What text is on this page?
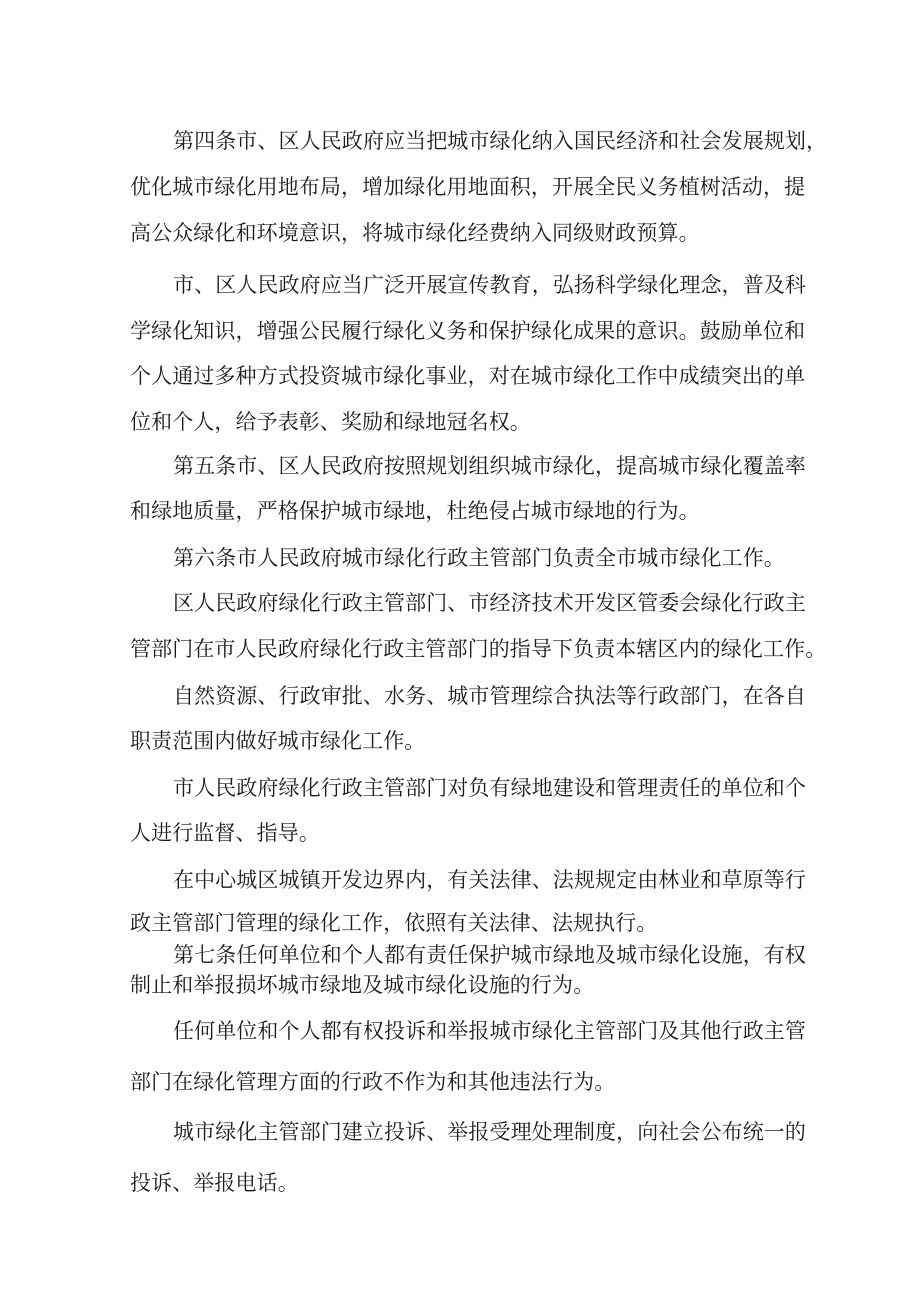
第四条市、区人民政府应当把城市绿化纳入国民经济和社会发展规划，

优化城市绿化用地布局，增加绿化用地面积，开展全民义务植树活动，提

高公众绿化和环境意识，将城市绿化经费纳入同级财政预算。

市、区人民政府应当广泛开展宣传教育，弘扬科学绿化理念，普及科

学绿化知识，增强公民履行绿化义务和保护绿化成果的意识。鼓励单位和

个人通过多种方式投资城市绿化事业，对在城市绿化工作中成绩突出的单

位和个人，给予表彰、奖励和绿地冠名权。

第五条市、区人民政府按照规划组织城市绿化，提高城市绿化覆盖率

和绿地质量，严格保护城市绿地，杜绝侵占城市绿地的行为。

第六条市人民政府城市绿化行政主管部门负责全市城市绿化工作。

区人民政府绿化行政主管部门、市经济技术开发区管委会绿化行政主

管部门在市人民政府绿化行政主管部门的指导下负责本辖区内的绿化工作。

自然资源、行政审批、水务、城市管理综合执法等行政部门，在各自

职责范围内做好城市绿化工作。

市人民政府绿化行政主管部门对负有绿地建设和管理责任的单位和个

人进行监督、指导。

在中心城区城镇开发边界内，有关法律、法规规定由林业和草原等行

政主管部门管理的绿化工作，依照有关法律、法规执行。

第七条任何单位和个人都有责任保护城市绿地及城市绿化设施，有权

制止和举报损坏城市绿地及城市绿化设施的行为。

任何单位和个人都有权投诉和举报城市绿化主管部门及其他行政主管

部门在绿化管理方面的行政不作为和其他违法行为。

城市绿化主管部门建立投诉、举报受理处理制度，向社会公布统一的

投诉、举报电话。
